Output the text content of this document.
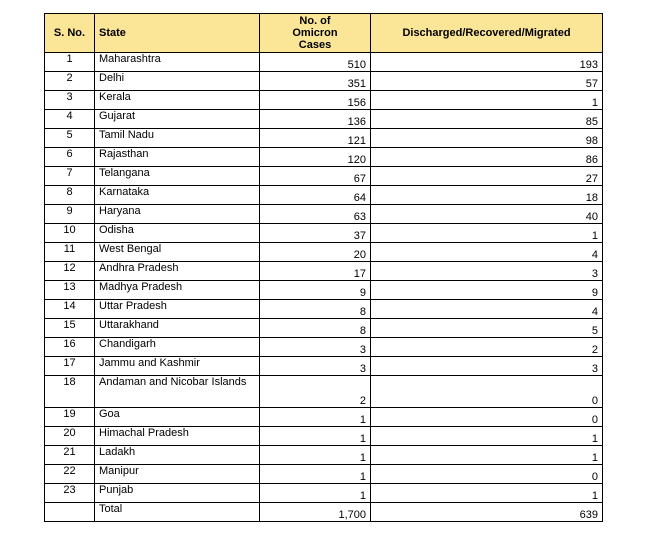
S. No.	State	No. of Omicron Cases	Discharged/Recovered/Migrated
1	Maharashtra	510	193
2	Delhi	351	57
3	Kerala	156	1
4	Gujarat	136	85
5	Tamil Nadu	121	98
6	Rajasthan	120	86
7	Telangana	67	27
8	Karnataka	64	18
9	Haryana	63	40
10	Odisha	37	1
11	West Bengal	20	4
12	Andhra Pradesh	17	3
13	Madhya Pradesh	9	9
14	Uttar Pradesh	8	4
15	Uttarakhand	8	5
16	Chandigarh	3	2
17	Jammu and Kashmir	3	3
18	Andaman and Nicobar Islands	2	0
19	Goa	1	0
20	Himachal Pradesh	1	1
21	Ladakh	1	1
22	Manipur	1	0
23	Punjab	1	1
	Total	1,700	639
